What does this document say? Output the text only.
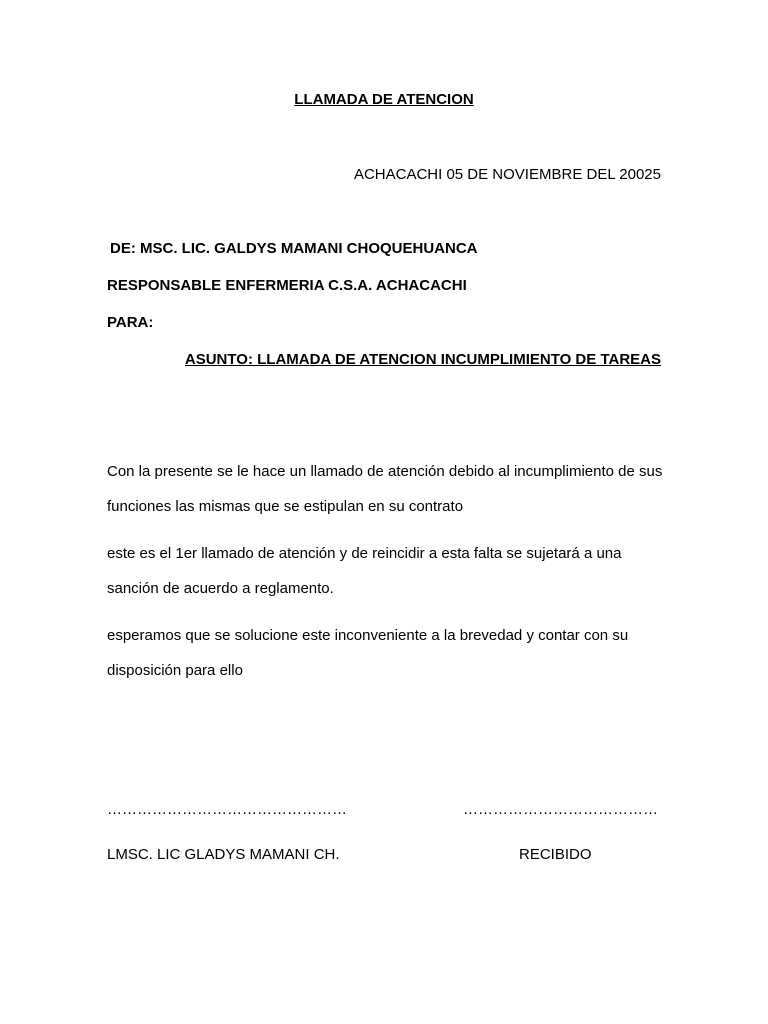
LLAMADA DE ATENCION
ACHACACHI 05 DE NOVIEMBRE DEL 20025
DE: MSC. LIC. GALDYS MAMANI CHOQUEHUANCA
RESPONSABLE ENFERMERIA C.S.A. ACHACACHI
PARA:
ASUNTO: LLAMADA DE ATENCION INCUMPLIMIENTO DE TAREAS

Con la presente se le hace un llamado de atención debido al incumplimiento de sus funciones las mismas que se estipulan en su contrato

este es el 1er llamado de atención y de reincidir a esta falta se sujetará a una sanción de acuerdo a reglamento.

esperamos que se solucione este inconveniente a la brevedad y contar con su disposición para ello

…………………………………………	…………………………………
LMSC. LIC GLADYS MAMANI CH.	RECIBIDO
